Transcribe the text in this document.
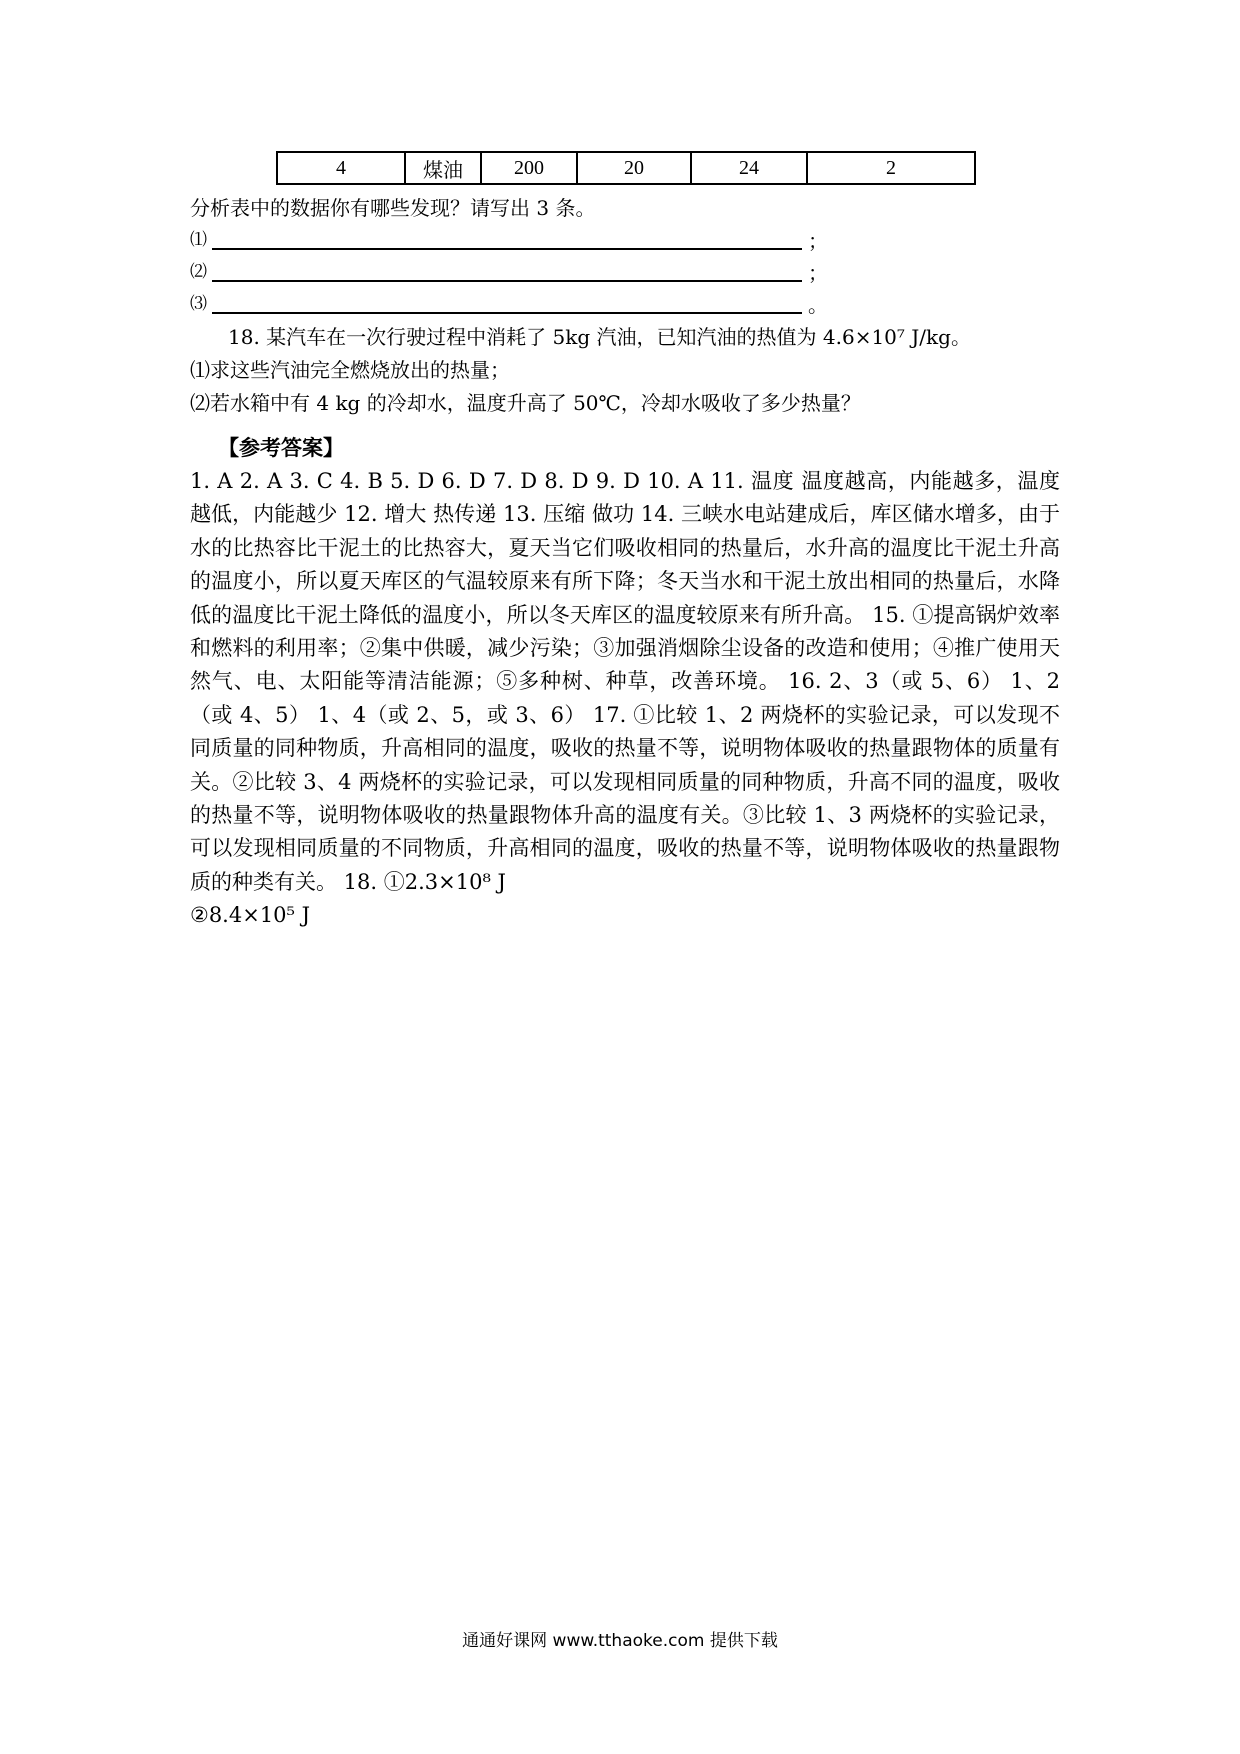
4	煤油	200	20	24	2
分析表中的数据你有哪些发现？请写出 3 条。
⑴	；
⑵	；
⑶	。
18. 某汽车在一次行驶过程中消耗了 5kg 汽油，已知汽油的热值为 4.6×10⁷ J/kg。
⑴求这些汽油完全燃烧放出的热量；
⑵若水箱中有 4 kg 的冷却水，温度升高了 50℃，冷却水吸收了多少热量？
【参考答案】

1. A 2. A 3. C 4. B 5. D 6. D 7. D 8. D 9. D 10. A 11. 温度 温度越高，内能越多，温度越低，内能越少 12. 增大 热传递 13. 压缩 做功 14. 三峡水电站建成后，库区储水增多，由于水的比热容比干泥土的比热容大，夏天当它们吸收相同的热量后，水升高的温度比干泥土升高的温度小，所以夏天库区的气温较原来有所下降；冬天当水和干泥土放出相同的热量后，水降低的温度比干泥土降低的温度小，所以冬天库区的温度较原来有所升高。 15. ①提高锅炉效率和燃料的利用率；②集中供暖，减少污染；③加强消烟除尘设备的改造和使用；④推广使用天然气、电、太阳能等清洁能源；⑤多种树、种草，改善环境。 16. 2、3（或 5、6） 1、2（或 4、5） 1、4（或 2、5，或 3、6） 17. ①比较 1、2 两烧杯的实验记录，可以发现不同质量的同种物质，升高相同的温度，吸收的热量不等，说明物体吸收的热量跟物体的质量有关。②比较 3、4 两烧杯的实验记录，可以发现相同质量的同种物质，升高不同的温度，吸收的热量不等，说明物体吸收的热量跟物体升高的温度有关。③比较 1、3 两烧杯的实验记录，可以发现相同质量的不同物质，升高相同的温度，吸收的热量不等，说明物体吸收的热量跟物质的种类有关。 18. ①2.3×10⁸ J

②8.4×10⁵ J

通通好课网 www.tthaoke.com 提供下载
